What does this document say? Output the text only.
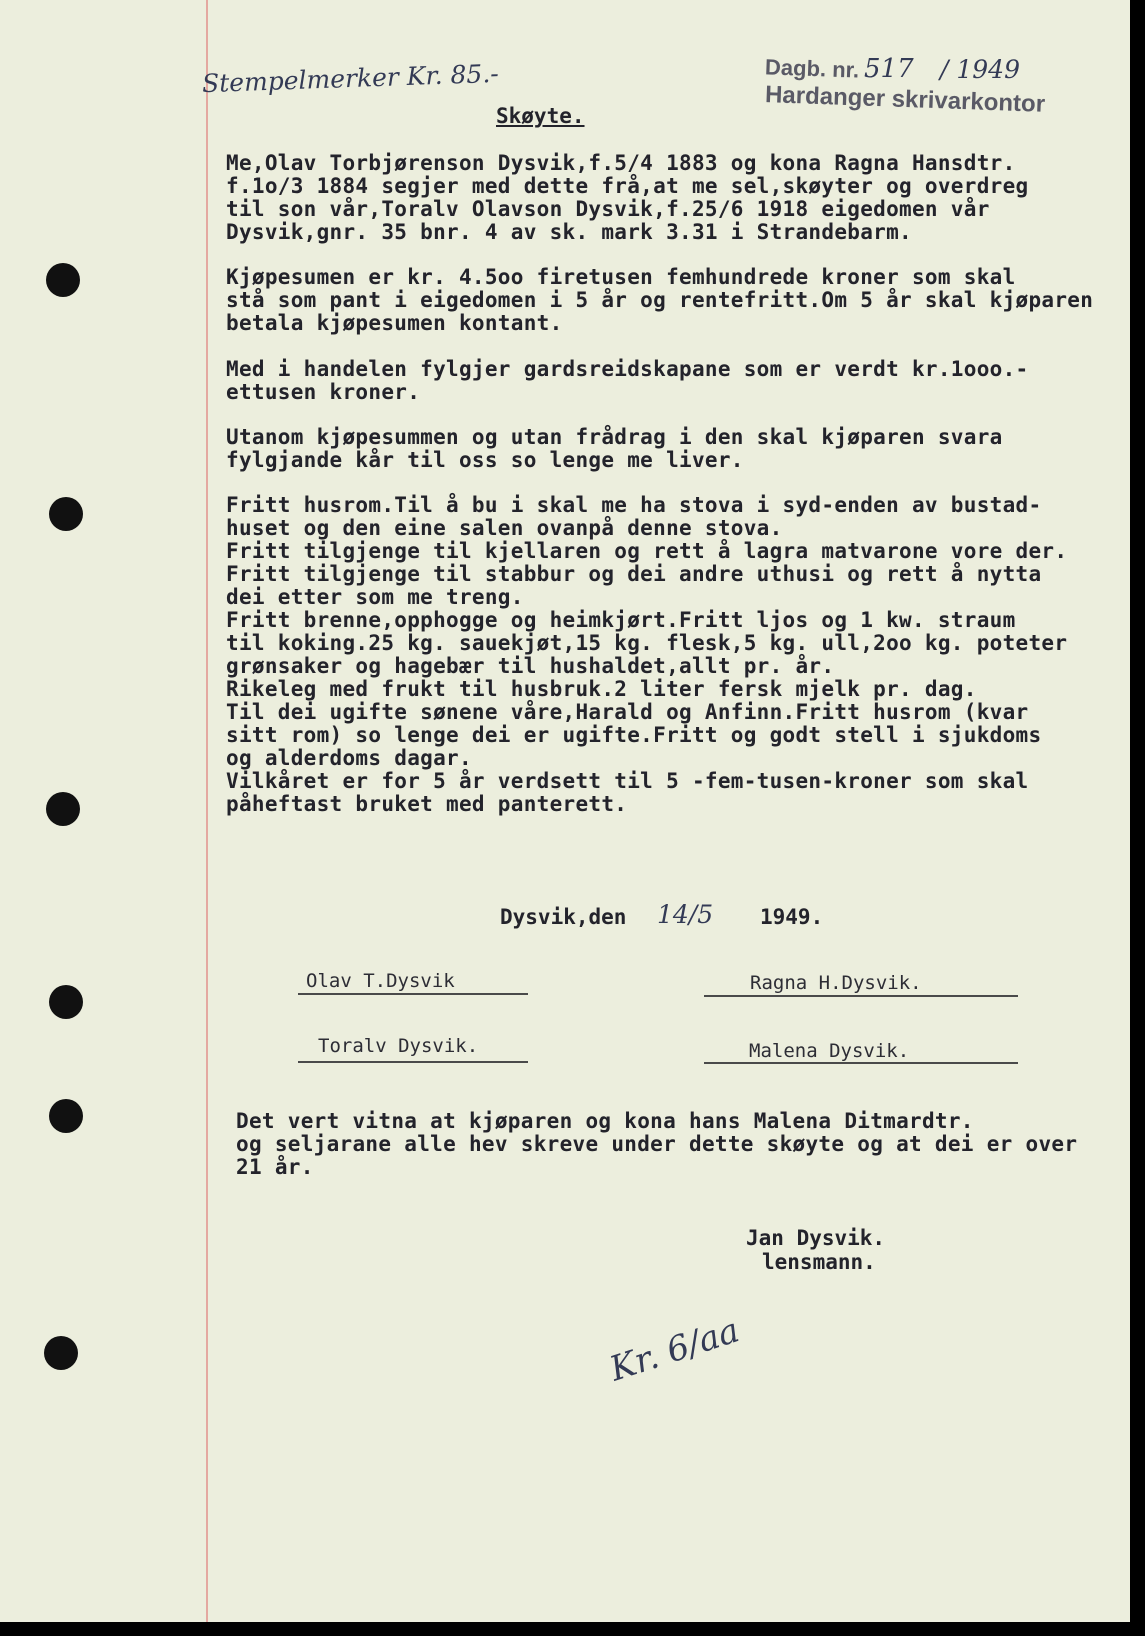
Stempelmerker Kr. 85.-	Dagb. nr. 517 / 1949
Hardanger skrivarkontor
Skøyte.
Me,Olav Torbjørenson Dysvik,f.5/4 1883 og kona Ragna Hansdtr.
f.1o/3 1884 segjer med dette frå,at me sel,skøyter og overdreg
til son vår,Toralv Olavson Dysvik,f.25/6 1918 eigedomen vår
Dysvik,gnr. 35 bnr. 4 av sk. mark 3.31 i Strandebarm.
Kjøpesumen er kr. 4.5oo firetusen femhundrede kroner som skal
stå som pant i eigedomen i 5 år og rentefritt.Om 5 år skal kjøparen
betala kjøpesumen kontant.
Med i handelen fylgjer gardsreidskapane som er verdt kr.1ooo.-
ettusen kroner.
Utanom kjøpesummen og utan frådrag i den skal kjøparen svara
fylgjande kår til oss so lenge me liver.
Fritt husrom.Til å bu i skal me ha stova i syd-enden av bustad-
huset og den eine salen ovanpå denne stova.
Fritt tilgjenge til kjellaren og rett å lagra matvarone vore der.
Fritt tilgjenge til stabbur og dei andre uthusi og rett å nytta
dei etter som me treng.
Fritt brenne,opphogge og heimkjørt.Fritt ljos og 1 kw. straum
til koking.25 kg. sauekjøt,15 kg. flesk,5 kg. ull,2oo kg. poteter
grønsaker og hagebær til hushaldet,allt pr. år.
Rikeleg med frukt til husbruk.2 liter fersk mjelk pr. dag.
Til dei ugifte sønene våre,Harald og Anfinn.Fritt husrom (kvar
sitt rom) so lenge dei er ugifte.Fritt og godt stell i sjukdoms
og alderdoms dagar.
Vilkåret er for 5 år verdsett til 5 -fem-tusen-kroner som skal
påheftast bruket med panterett.
Dysvik,den 14/5 1949.
Olav T.Dysvik	Ragna H.Dysvik.
Toralv Dysvik.	Malena Dysvik.
Det vert vitna at kjøparen og kona hans Malena Ditmardtr.
og seljarane alle hev skreve under dette skøyte og at dei er over
21 år.
Jan Dysvik.
lensmann.
Kr. 6/aa
